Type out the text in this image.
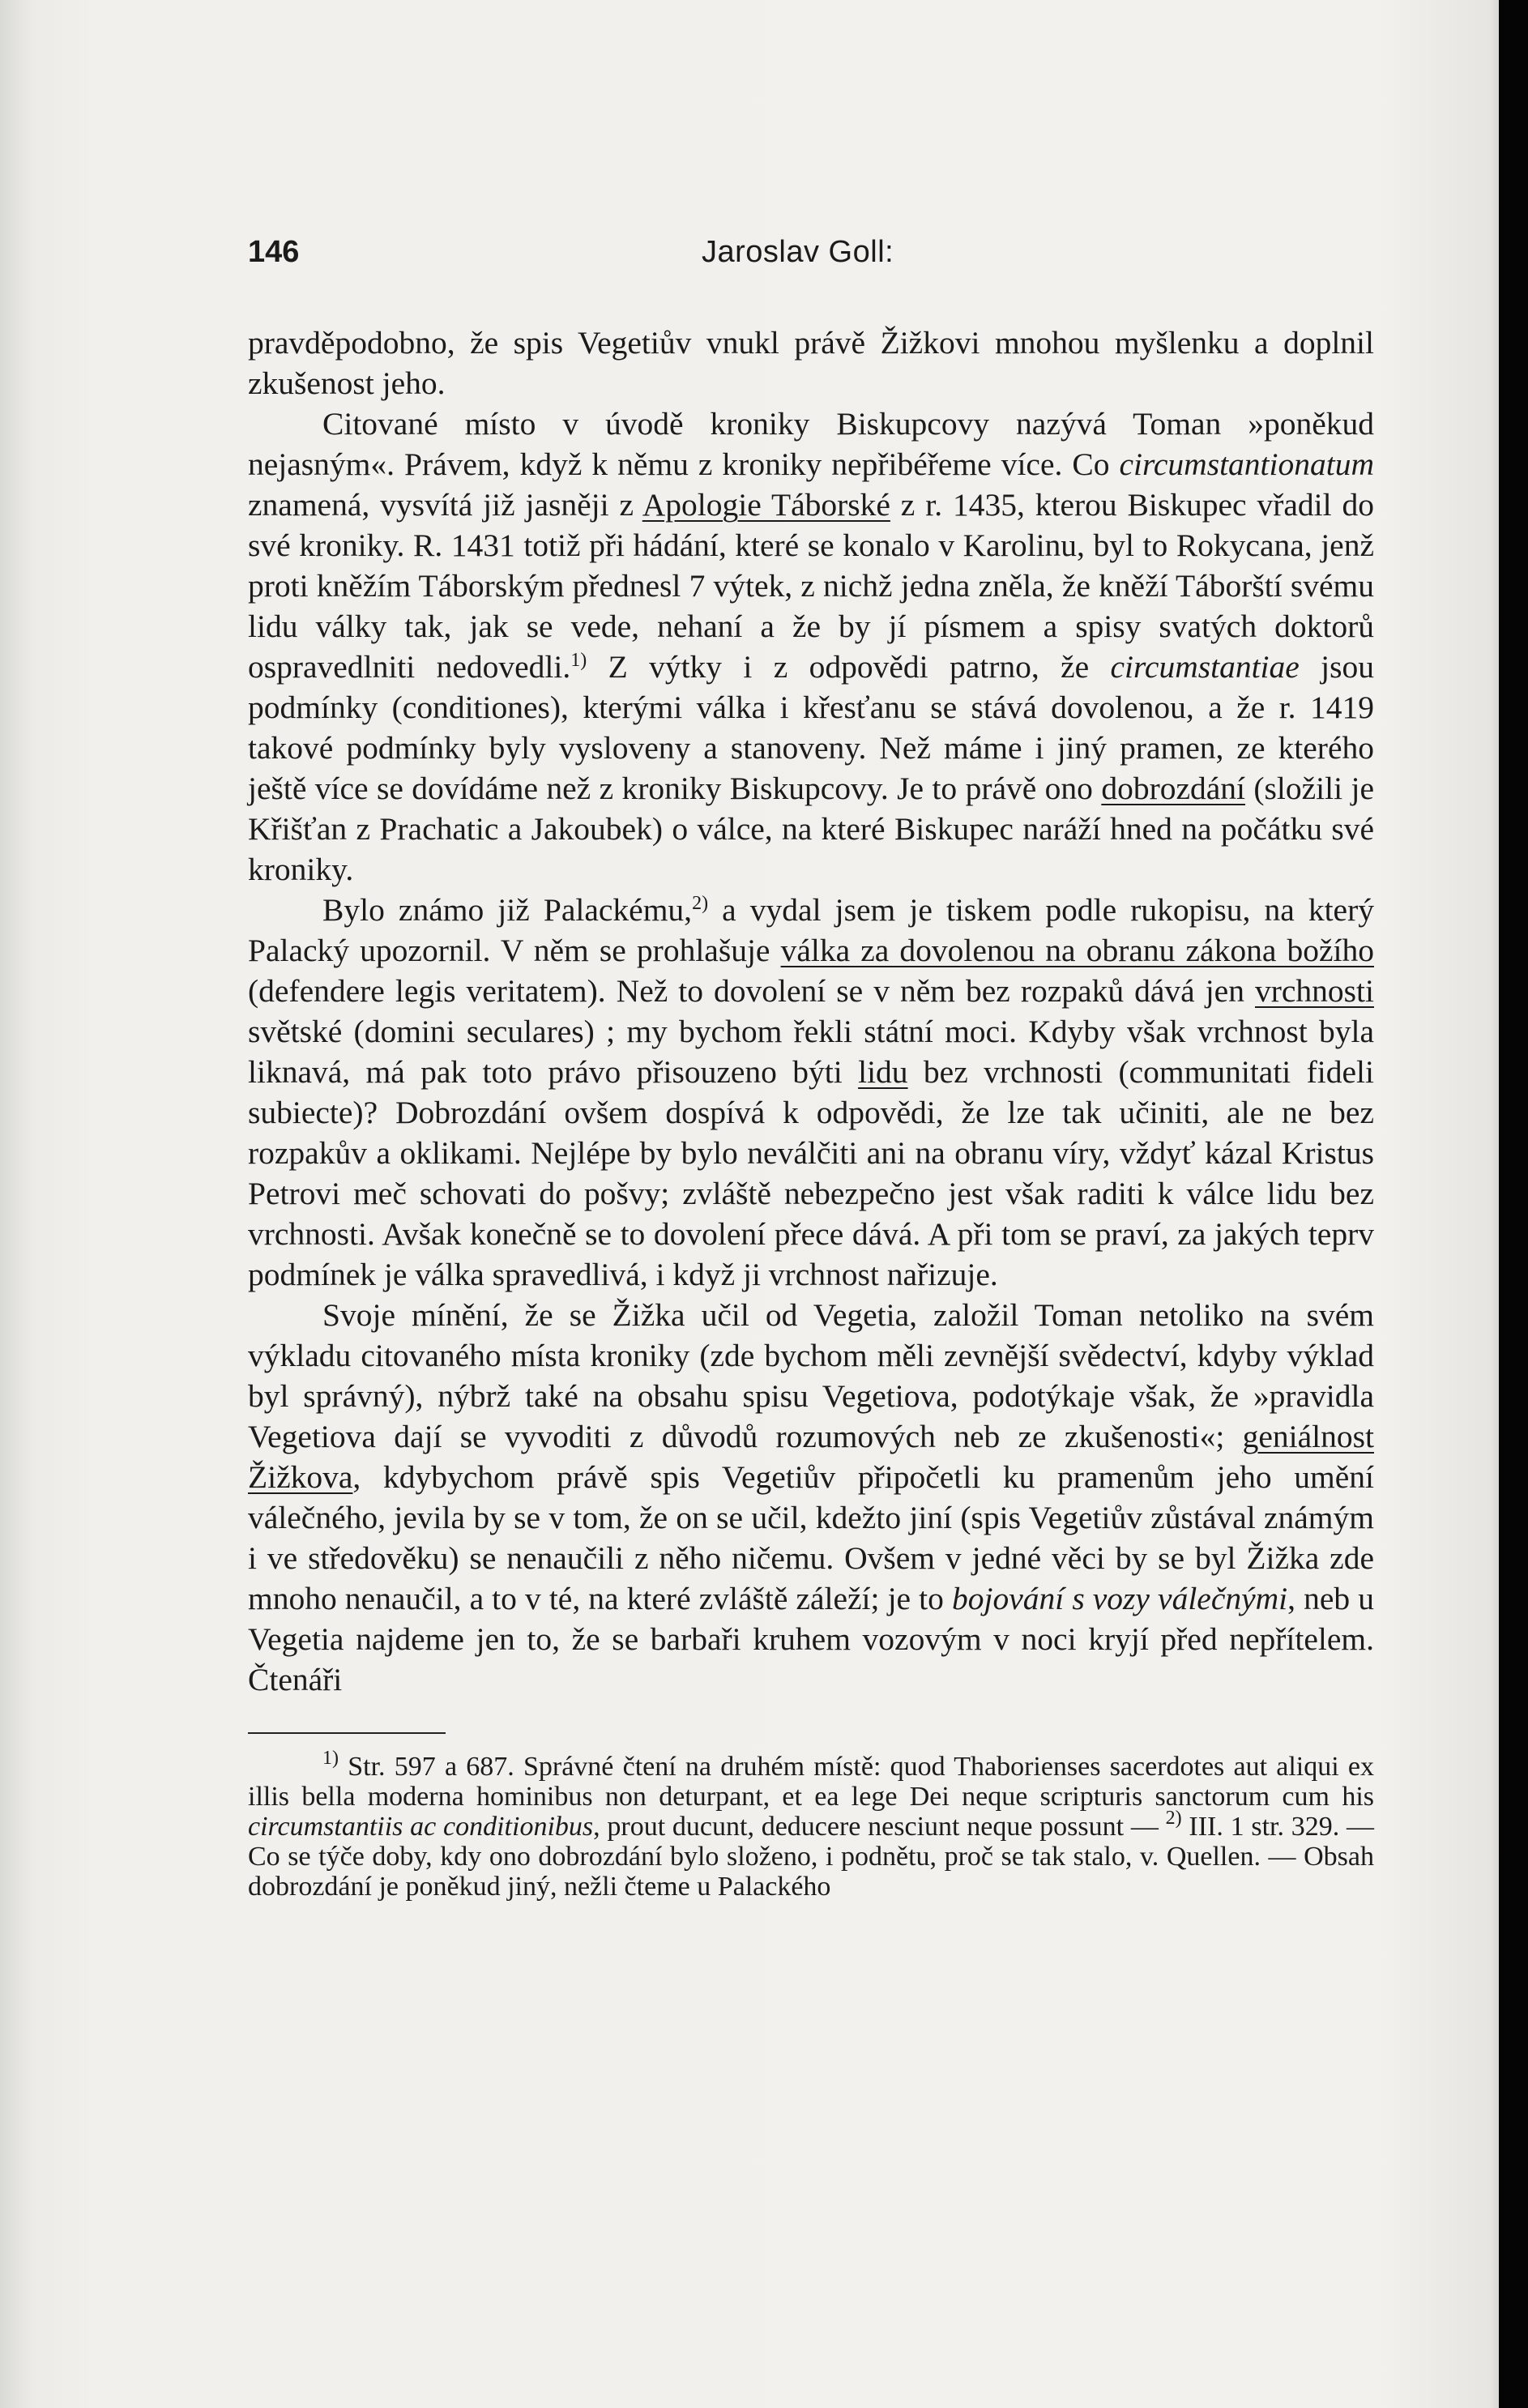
146	Jaroslav Goll:

pravděpodobno, že spis Vegetiův vnukl právě Žižkovi mnohou myšlenku a doplnil zkušenost jeho.

Citované místo v úvodě kroniky Biskupcovy nazývá Toman »poněkud nejasným«. Právem, když k němu z kroniky nepřibéřeme více. Co circumstantionatum znamená, vysvítá již jasněji z Apologie Táborské z r. 1435, kterou Biskupec vřadil do své kroniky. R. 1431 totiž při hádání, které se konalo v Karolinu, byl to Rokycana, jenž proti kněžím Táborským přednesl 7 výtek, z nichž jedna zněla, že kněží Táborští svému lidu války tak, jak se vede, nehaní a že by jí písmem a spisy svatých doktorů ospravedlniti nedovedli.$^{1)}$ Z výtky i z odpovědi patrno, že circumstantiae jsou podmínky (conditiones), kterými válka i křesťanu se stává dovolenou, a že r. 1419 takové podmínky byly vysloveny a stanoveny. Než máme i jiný pramen, ze kterého ještě více se dovídáme než z kroniky Biskupcovy. Je to právě ono dobrozdání (složili je Křišťan z Prachatic a Jakoubek) o válce, na které Biskupec naráží hned na počátku své kroniky.

Bylo známo již Palackému,$^{2)}$ a vydal jsem je tiskem podle rukopisu, na který Palacký upozornil. V něm se prohlašuje válka za dovolenou na obranu zákona božího (defendere legis veritatem). Než to dovolení se v něm bez rozpaků dává jen vrchnosti světské (domini seculares) ; my bychom řekli státní moci. Kdyby však vrchnost byla liknavá, má pak toto právo přisouzeno býti lidu bez vrchnosti (communitati fideli subiecte)? Dobrozdání ovšem dospívá k odpovědi, že lze tak učiniti, ale ne bez rozpakův a oklikami. Nejlépe by bylo neválčiti ani na obranu víry, vždyť kázal Kristus Petrovi meč schovati do pošvy; zvláště nebezpečno jest však raditi k válce lidu bez vrchnosti. Avšak konečně se to dovolení přece dává. A při tom se praví, za jakých teprv podmínek je válka spravedlivá, i když ji vrchnost nařizuje.

Svoje mínění, že se Žižka učil od Vegetia, založil Toman netoliko na svém výkladu citovaného místa kroniky (zde bychom měli zevnější svědectví, kdyby výklad byl správný), nýbrž také na obsahu spisu Vegetiova, podotýkaje však, že »pravidla Vegetiova dají se vyvoditi z důvodů rozumových neb ze zkušenosti«; geniálnost Žižkova, kdybychom právě spis Vegetiův připočetli ku pramenům jeho umění válečného, jevila by se v tom, že on se učil, kdežto jiní (spis Vegetiův zůstával známým i ve středověku) se nenaučili z něho ničemu. Ovšem v jedné věci by se byl Žižka zde mnoho nenaučil, a to v té, na které zvláště záleží; je to bojování s vozy válečnými, neb u Vegetia najdeme jen to, že se barbaři kruhem vozovým v noci kryjí před nepřítelem. Čtenáři

$^{1)}$ Str. 597 a 687. Správné čtení na druhém místě: quod Thaborienses sacerdotes aut aliqui ex illis bella moderna hominibus non deturpant, et ea lege Dei neque scripturis sanctorum cum his circumstantiis ac conditionibus, prout ducunt, deducere nesciunt neque possunt — $^{2)}$ III. 1 str. 329. — Co se týče doby, kdy ono dobrozdání bylo složeno, i podnětu, proč se tak stalo, v. Quellen. — Obsah dobrozdání je poněkud jiný, nežli čteme u Palackého
